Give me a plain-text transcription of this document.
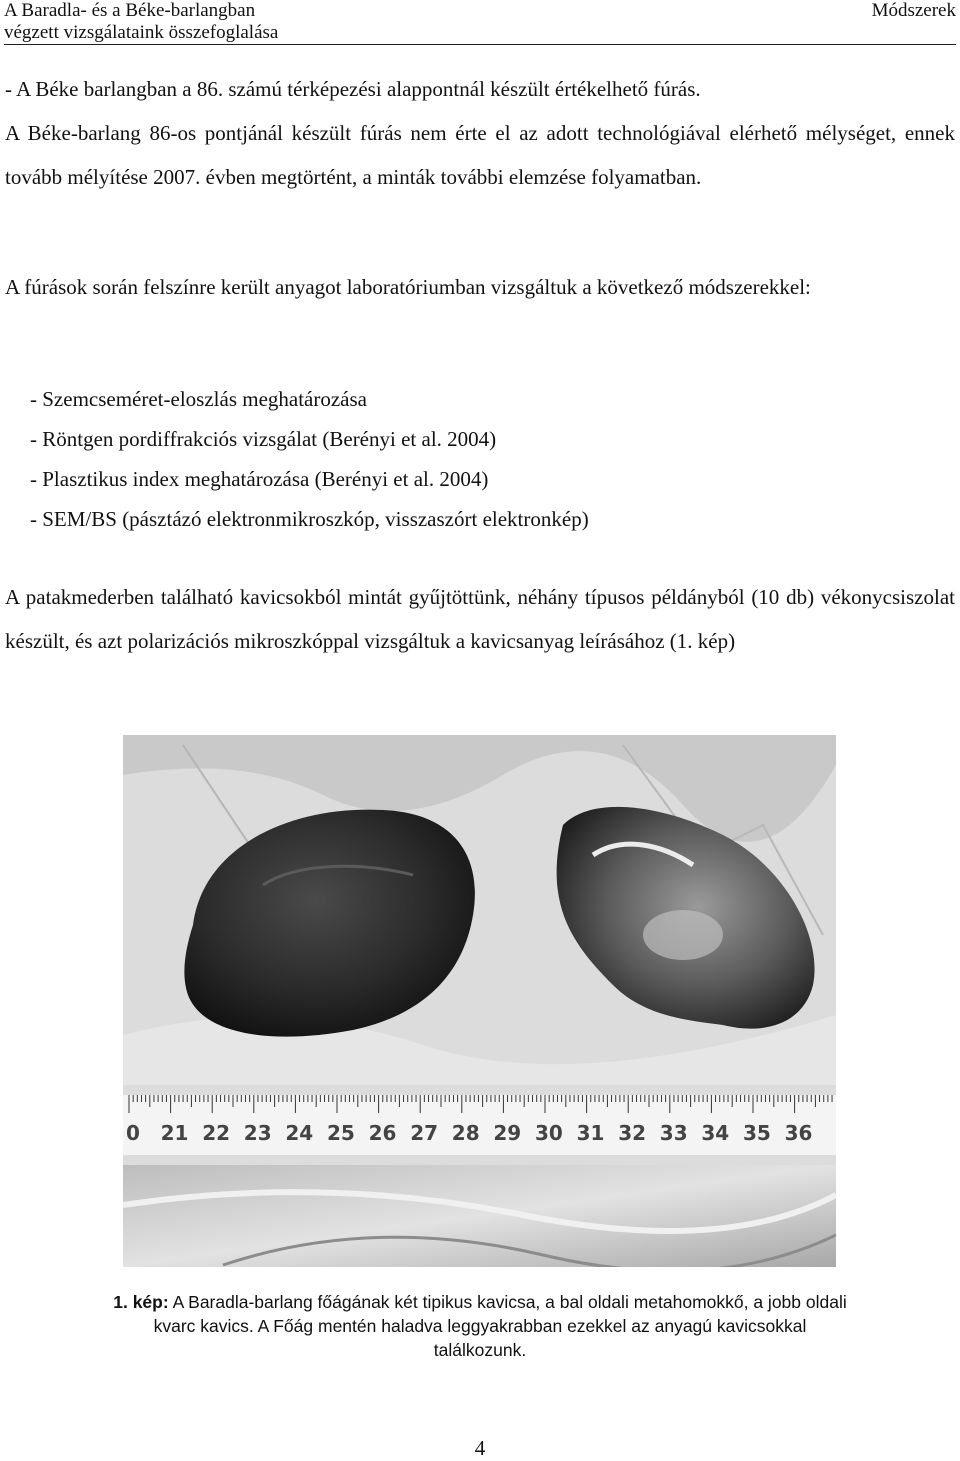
A Baradla- és a Béke-barlangban
végzett vizsgálataink összefoglalása
Módszerek
- A Béke barlangban a 86. számú térképezési alappontnál készült értékelhető fúrás.
A Béke-barlang 86-os pontjánál készült fúrás nem érte el az adott technológiával elérhető mélységet, ennek tovább mélyítése 2007. évben megtörtént, a minták további elemzése folyamatban.
A fúrások során felszínre került anyagot laboratóriumban vizsgáltuk a következő módszerekkel:
- Szemcseméret-eloszlás meghatározása
- Röntgen pordiffrakciós vizsgálat (Berényi et al. 2004)
- Plasztikus index meghatározása (Berényi et al. 2004)
- SEM/BS (pásztázó elektronmikroszkóp, visszaszórt elektronkép)
A patakmederben található kavicsokból mintát gyűjtöttünk, néhány típusos példányból (10 db) vékonycsiszolat készült, és azt polarizációs mikroszkóppal vizsgáltuk a kavicsanyag leírásához (1. kép)
0 21 22 23 24 25 26 27 28 29 30 31 32 33 34 35 36
1. kép: A Baradla-barlang főágának két tipikus kavicsa, a bal oldali metahomokkő, a jobb oldali kvarc kavics. A Főág mentén haladva leggyakrabban ezekkel az anyagú kavicsokkal találkozunk.
4
